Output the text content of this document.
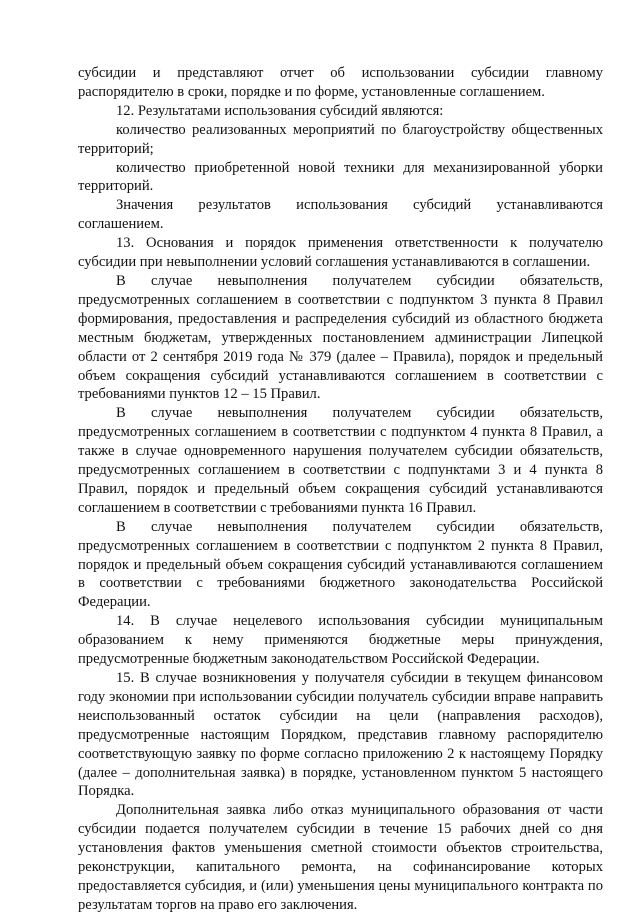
субсидии и представляют отчет об использовании субсидии главному распорядителю в сроки, порядке и по форме, установленные соглашением.

12. Результатами использования субсидий являются:

количество реализованных мероприятий по благоустройству общественных территорий;

количество приобретенной новой техники для механизированной уборки территорий.

Значения результатов использования субсидий устанавливаются соглашением.

13. Основания и порядок применения ответственности к получателю субсидии при невыполнении условий соглашения устанавливаются в соглашении.

В случае невыполнения получателем субсидии обязательств, предусмотренных соглашением в соответствии с подпунктом 3 пункта 8 Правил формирования, предоставления и распределения субсидий из областного бюджета местным бюджетам, утвержденных постановлением администрации Липецкой области от 2 сентября 2019 года № 379 (далее – Правила), порядок и предельный объем сокращения субсидий устанавливаются соглашением в соответствии с требованиями пунктов 12 – 15 Правил.

В случае невыполнения получателем субсидии обязательств, предусмотренных соглашением в соответствии с подпунктом 4 пункта 8 Правил, а также в случае одновременного нарушения получателем субсидии обязательств, предусмотренных соглашением в соответствии с подпунктами 3 и 4 пункта 8 Правил, порядок и предельный объем сокращения субсидий устанавливаются соглашением в соответствии с требованиями пункта 16 Правил.

В случае невыполнения получателем субсидии обязательств, предусмотренных соглашением в соответствии с подпунктом 2 пункта 8 Правил, порядок и предельный объем сокращения субсидий устанавливаются соглашением в соответствии с требованиями бюджетного законодательства Российской Федерации.

14. В случае нецелевого использования субсидии муниципальным образованием к нему применяются бюджетные меры принуждения, предусмотренные бюджетным законодательством Российской Федерации.

15. В случае возникновения у получателя субсидии в текущем финансовом году экономии при использовании субсидии получатель субсидии вправе направить неиспользованный остаток субсидии на цели (направления расходов), предусмотренные настоящим Порядком, представив главному распорядителю соответствующую заявку по форме согласно приложению 2 к настоящему Порядку (далее – дополнительная заявка) в порядке, установленном пунктом 5 настоящего Порядка.

Дополнительная заявка либо отказ муниципального образования от части субсидии подается получателем субсидии в течение 15 рабочих дней со дня установления фактов уменьшения сметной стоимости объектов строительства, реконструкции, капитального ремонта, на софинансирование которых предоставляется субсидия, и (или) уменьшения цены муниципального контракта по результатам торгов на право его заключения.
